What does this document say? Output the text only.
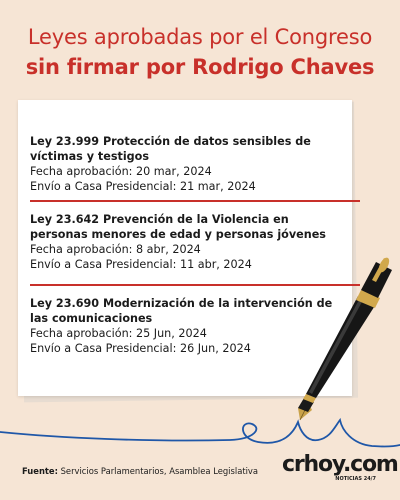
Leyes aprobadas por el Congreso
sin firmar por Rodrigo Chaves
Ley 23.999 Protección de datos sensibles de víctimas y testigos
Fecha aprobación: 20 mar, 2024
Envío a Casa Presidencial: 21 mar, 2024
Ley 23.642 Prevención de la Violencia en personas menores de edad y personas jóvenes
Fecha aprobación: 8 abr, 2024
Envío a Casa Presidencial: 11 abr, 2024
Ley 23.690 Modernización de la intervención de las comunicaciones
Fecha aprobación: 25 Jun, 2024
Envío a Casa Presidencial: 26 Jun, 2024
Fuente: Servicios Parlamentarios, Asamblea Legislativa crhoy.com
NOTICIAS 24/7
